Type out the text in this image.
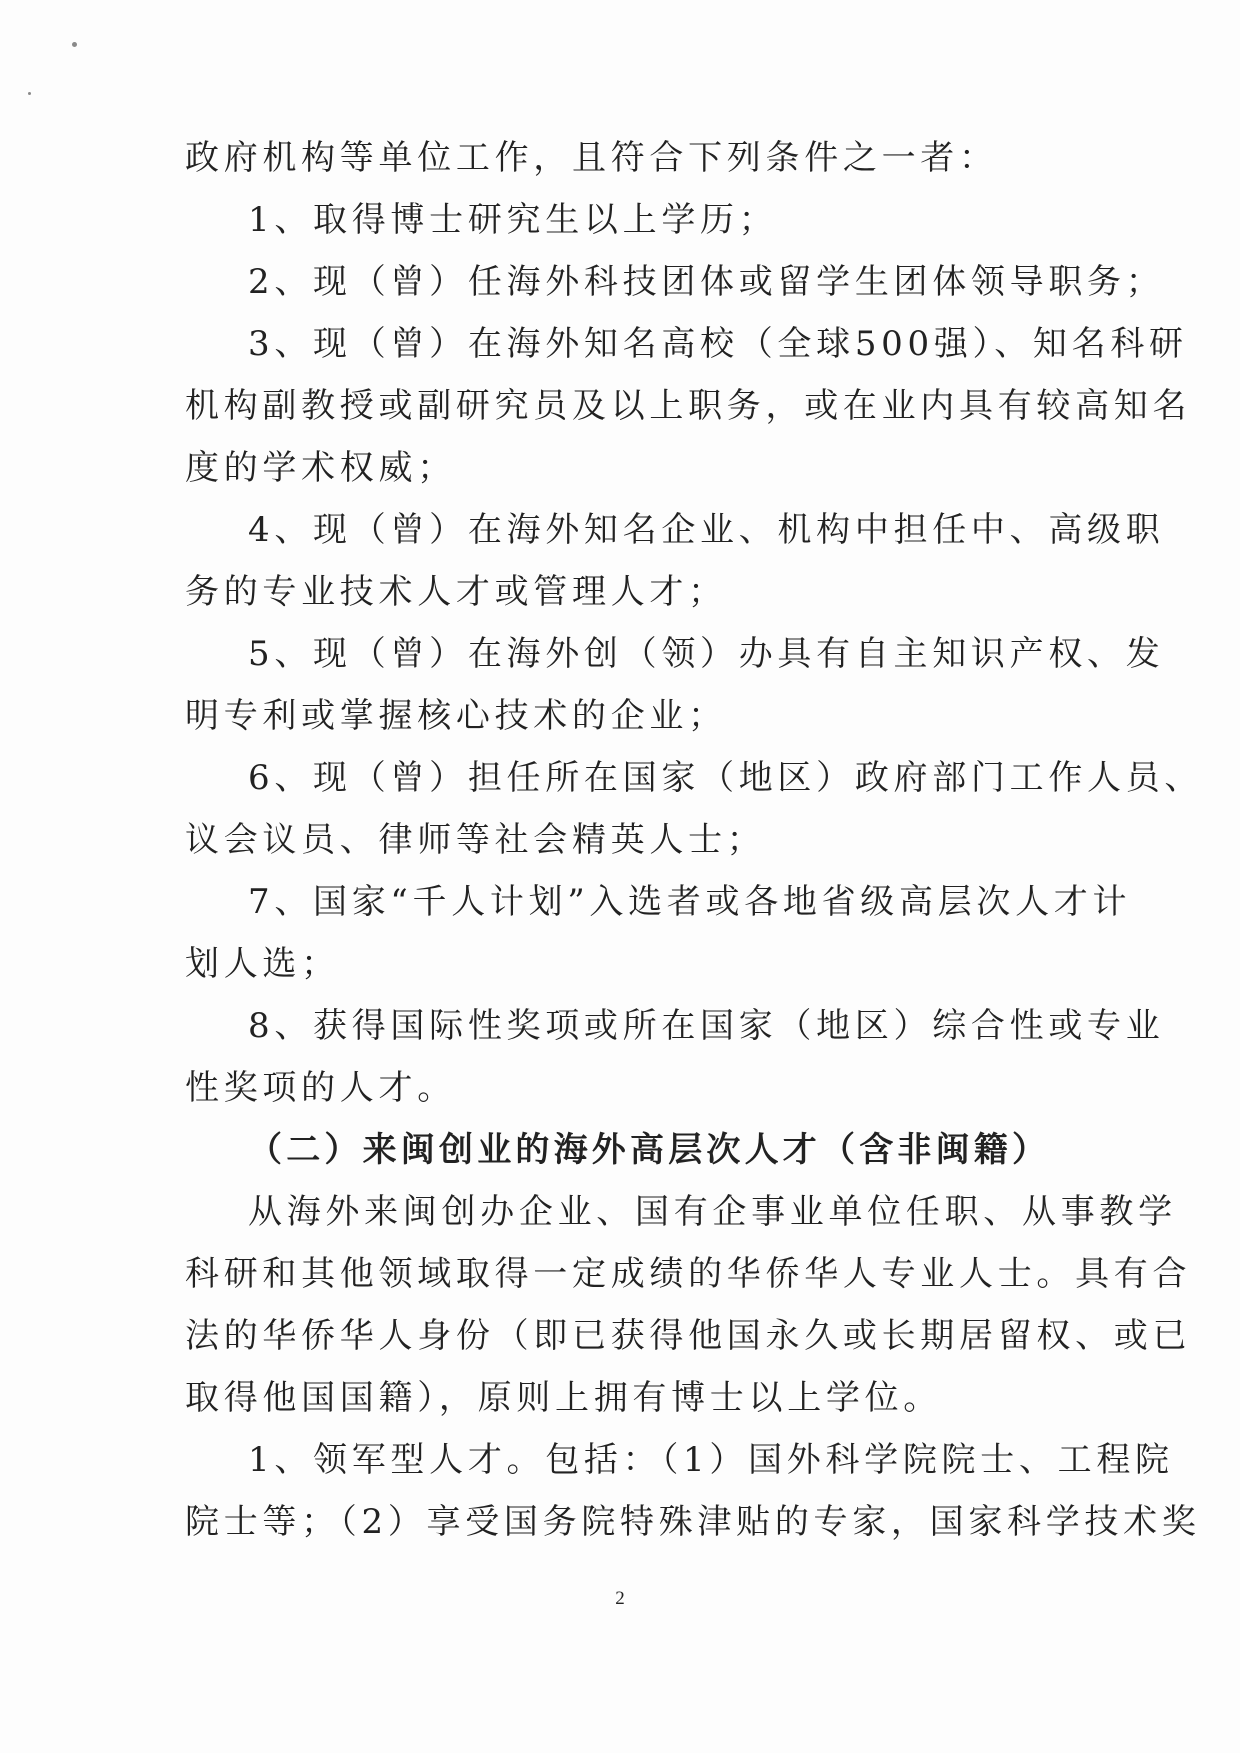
政府机构等单位工作，且符合下列条件之一者：
1、取得博士研究生以上学历；
2、现（曾）任海外科技团体或留学生团体领导职务；
3、现（曾）在海外知名高校（全球500强）、知名科研
机构副教授或副研究员及以上职务，或在业内具有较高知名
度的学术权威；
4、现（曾）在海外知名企业、机构中担任中、高级职
务的专业技术人才或管理人才；
5、现（曾）在海外创（领）办具有自主知识产权、发
明专利或掌握核心技术的企业；
6、现（曾）担任所在国家（地区）政府部门工作人员、
议会议员、律师等社会精英人士；
7、国家“千人计划”入选者或各地省级高层次人才计
划人选；
8、获得国际性奖项或所在国家（地区）综合性或专业
性奖项的人才。
（二）来闽创业的海外高层次人才（含非闽籍）
从海外来闽创办企业、国有企事业单位任职、从事教学
科研和其他领域取得一定成绩的华侨华人专业人士。具有合
法的华侨华人身份（即已获得他国永久或长期居留权、或已
取得他国国籍），原则上拥有博士以上学位。
1、领军型人才。包括：（1）国外科学院院士、工程院
院士等；（2）享受国务院特殊津贴的专家，国家科学技术奖
2
